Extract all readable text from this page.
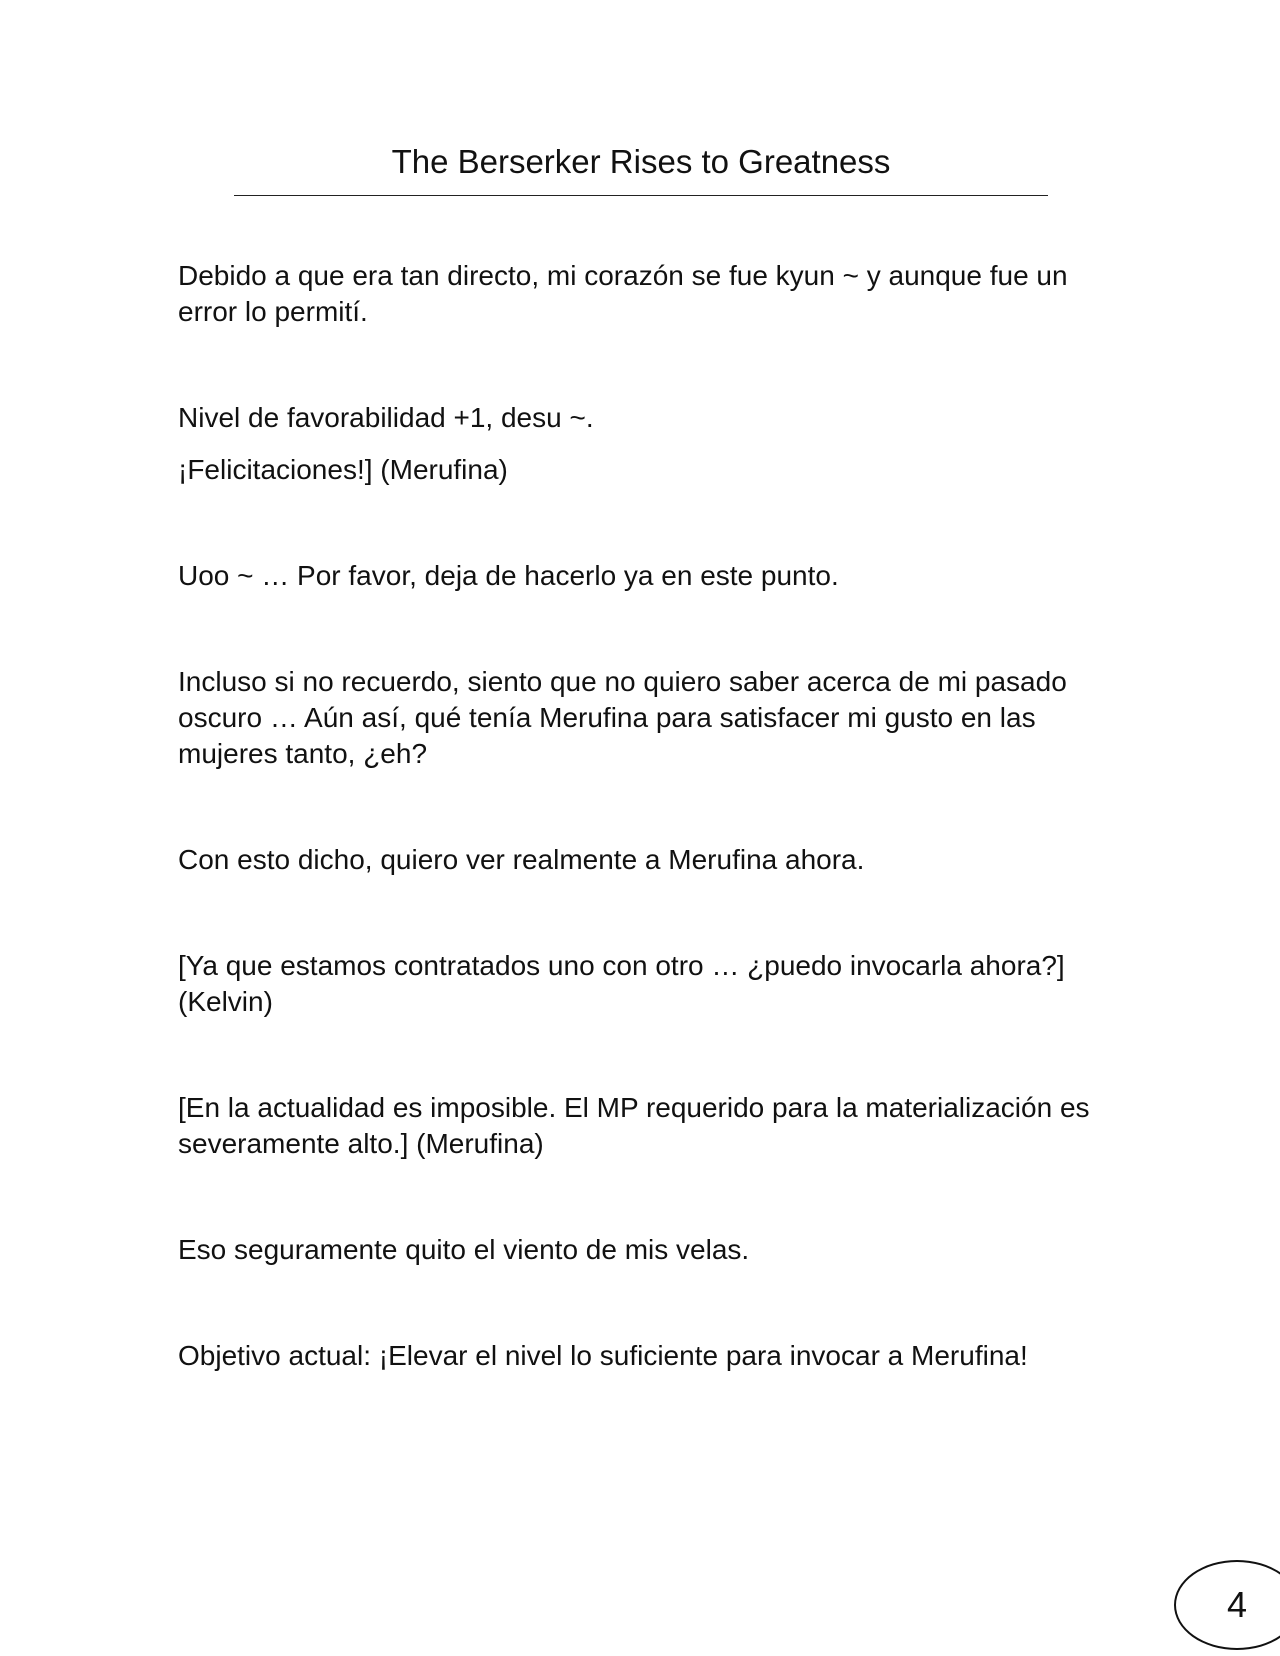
The Berserker Rises to Greatness

Debido a que era tan directo, mi corazón se fue kyun ~ y aunque fue un error lo permití.

Nivel de favorabilidad +1, desu ~.

¡Felicitaciones!] (Merufina)

Uoo ~ … Por favor, deja de hacerlo ya en este punto.

Incluso si no recuerdo, siento que no quiero saber acerca de mi pasado oscuro … Aún así, qué tenía Merufina para satisfacer mi gusto en las mujeres tanto, ¿eh?

Con esto dicho, quiero ver realmente a Merufina ahora.

[Ya que estamos contratados uno con otro … ¿puedo invocarla ahora?] (Kelvin)

[En la actualidad es imposible. El MP requerido para la materialización es severamente alto.] (Merufina)

Eso seguramente quito el viento de mis velas.

Objetivo actual: ¡Elevar el nivel lo suficiente para invocar a Merufina!

4
